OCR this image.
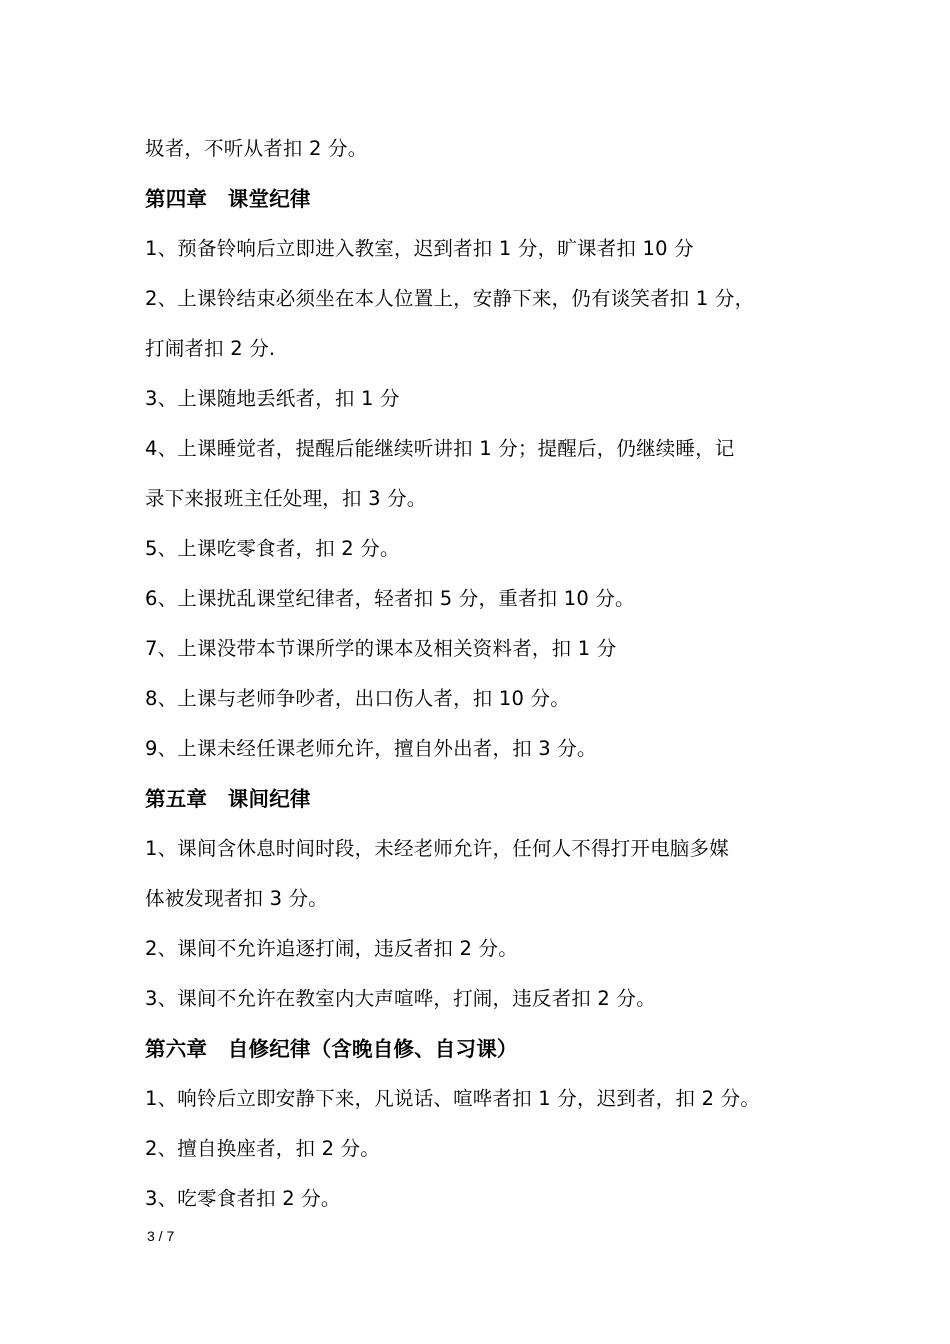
圾者，不听从者扣 2 分。
第四章　课堂纪律
1、预备铃响后立即进入教室，迟到者扣 1 分，旷课者扣 10 分
2、上课铃结束必须坐在本人位置上，安静下来，仍有谈笑者扣 1 分，
打闹者扣 2 分.
3、上课随地丢纸者，扣 1 分
4、上课睡觉者，提醒后能继续听讲扣 1 分；提醒后，仍继续睡，记
录下来报班主任处理，扣 3 分。
5、上课吃零食者，扣 2 分。
6、上课扰乱课堂纪律者，轻者扣 5 分，重者扣 10 分。
7、上课没带本节课所学的课本及相关资料者，扣 1 分
8、上课与老师争吵者，出口伤人者，扣 10 分。
9、上课未经任课老师允许，擅自外出者，扣 3 分。
第五章　课间纪律
1、课间含休息时间时段，未经老师允许，任何人不得打开电脑多媒
体被发现者扣 3 分。
2、课间不允许追逐打闹，违反者扣 2 分。
3、课间不允许在教室内大声喧哗，打闹，违反者扣 2 分。
第六章　自修纪律（含晚自修、自习课）
1、响铃后立即安静下来，凡说话、喧哗者扣 1 分，迟到者，扣 2 分。
2、擅自换座者，扣 2 分。
3、吃零食者扣 2 分。
3 / 7
